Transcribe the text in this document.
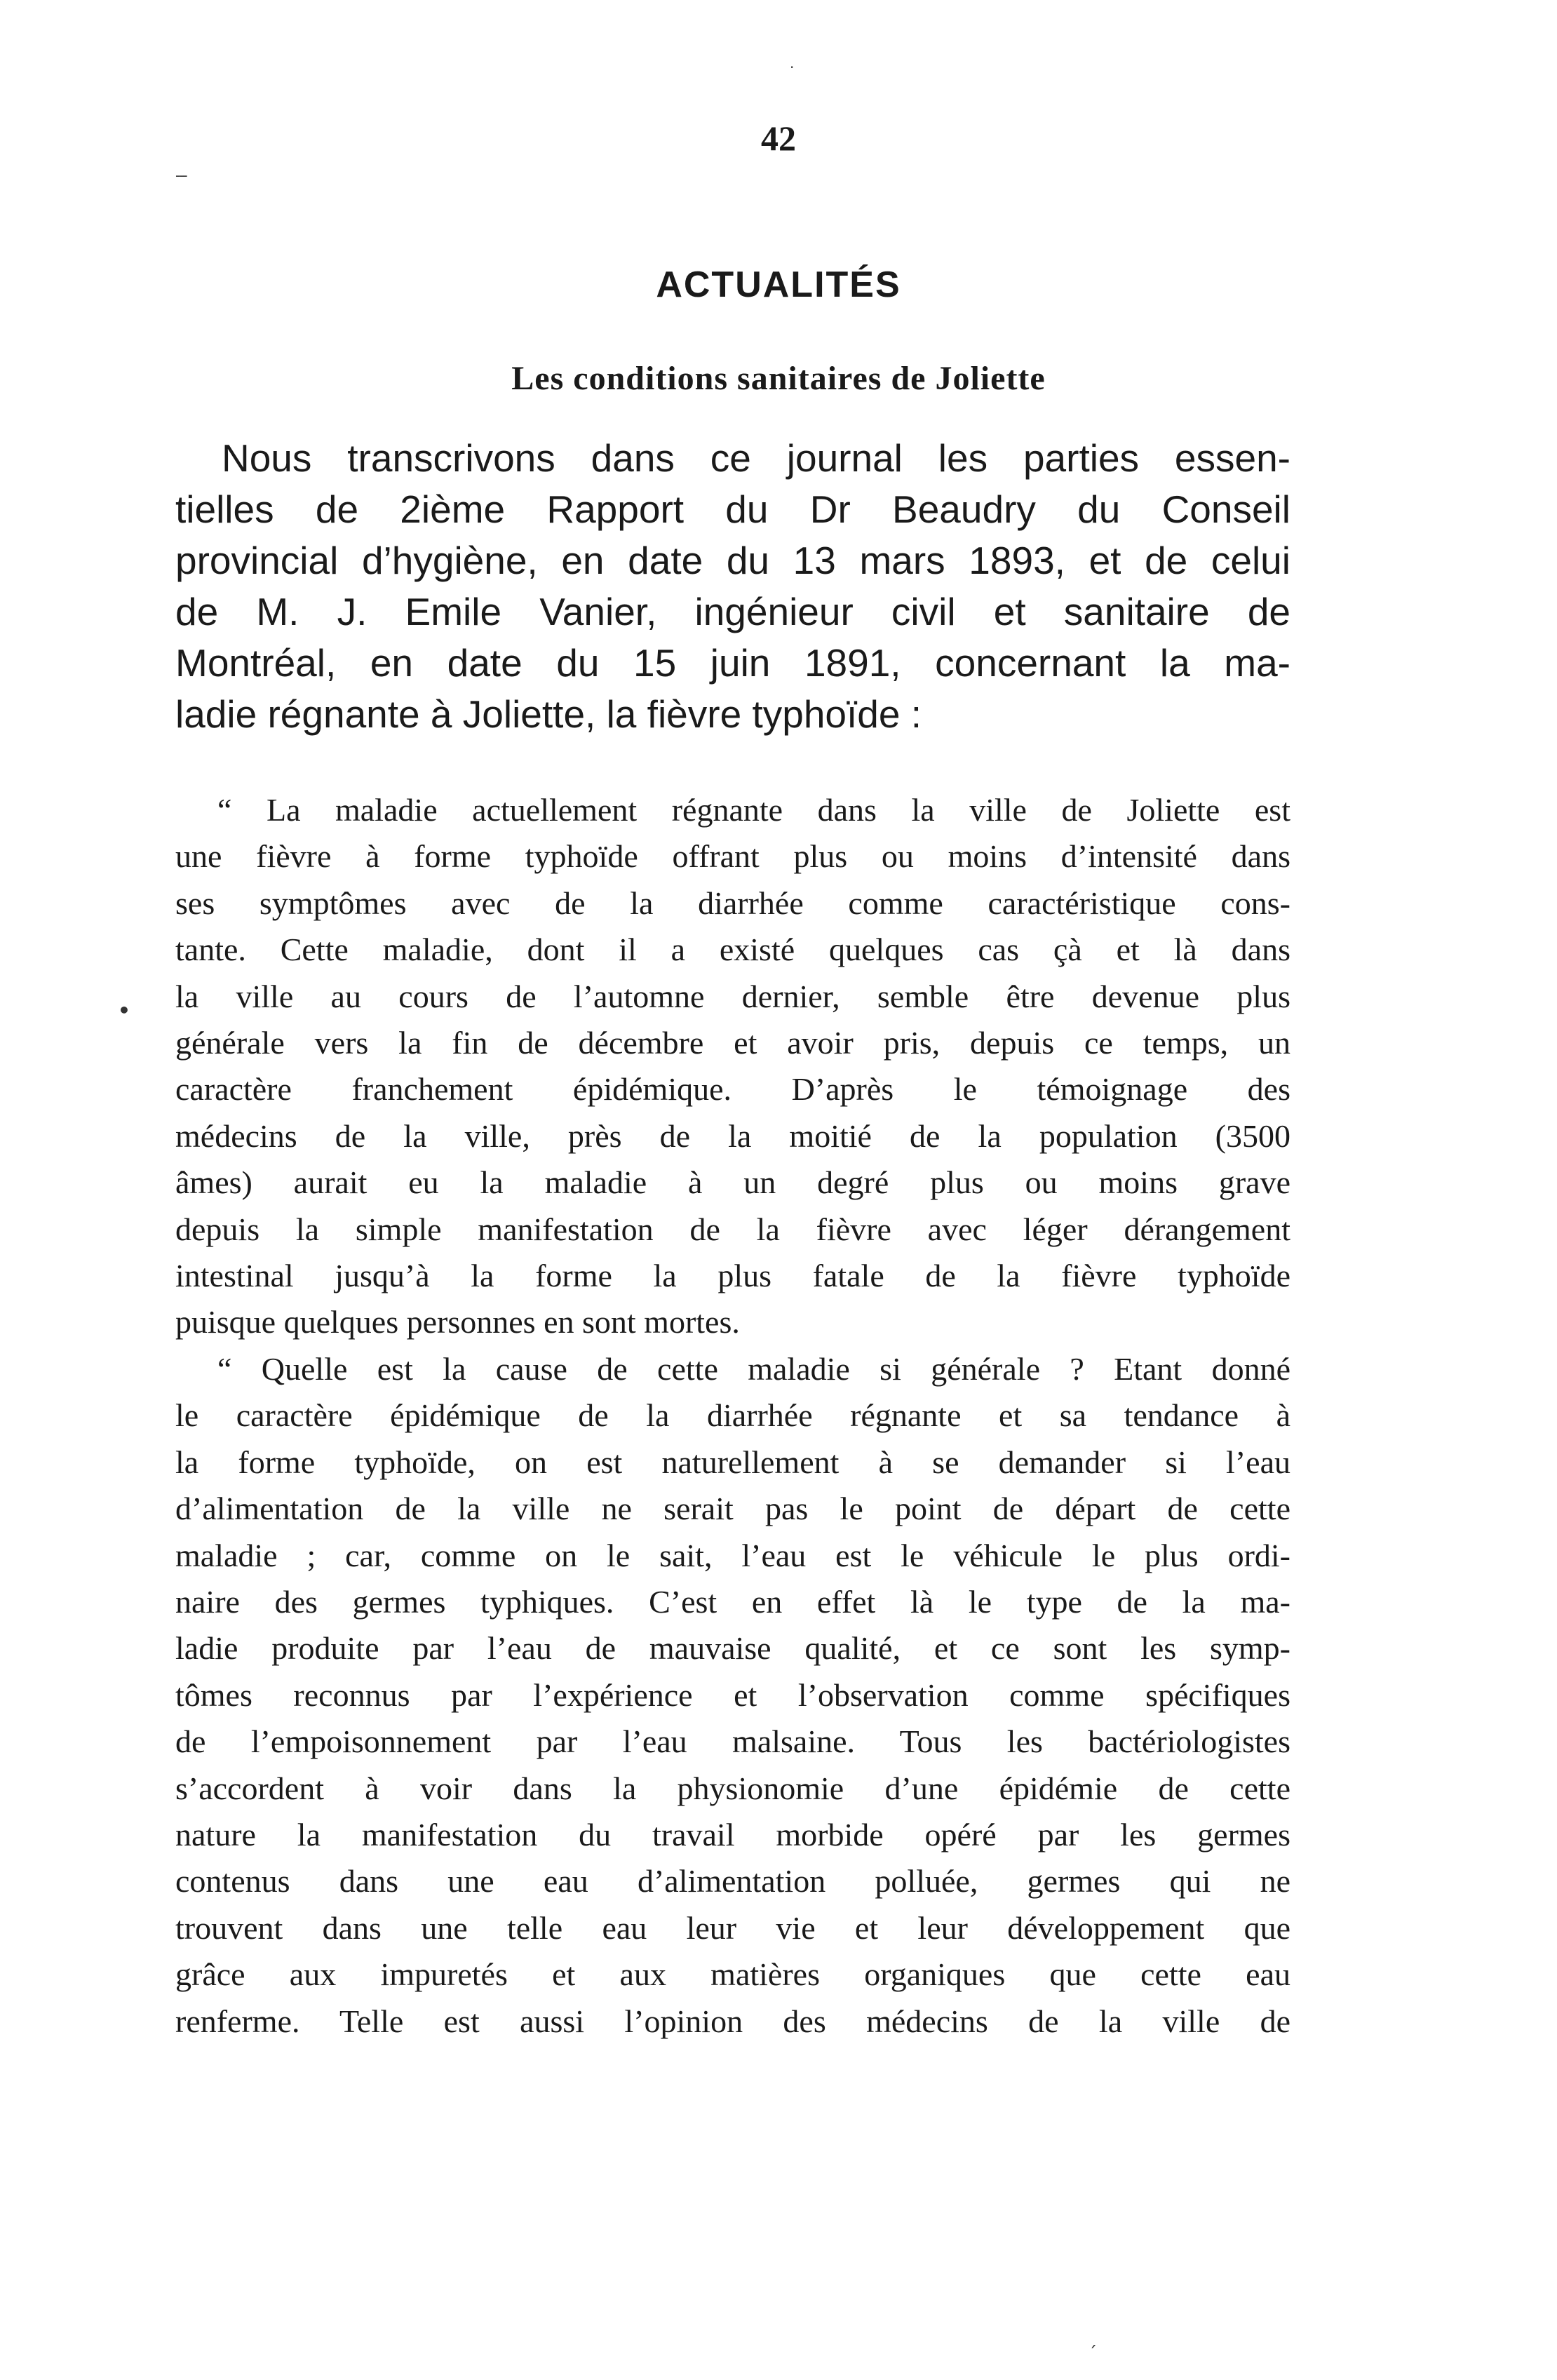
·
-‑-
•
ˏ
42
ACTUALITÉS
Les conditions sanitaires de Joliette
Nous transcrivons dans ce journal les parties essen-
tielles de 2ième Rapport du Dr Beaudry du Conseil
provincial d’hygiène, en date du 13 mars 1893, et de celui
de M. J. Emile Vanier, ingénieur civil et sanitaire de
Montréal, en date du 15 juin 1891, concernant la ma-
ladie régnante à Joliette, la fièvre typhoïde :
“ La maladie actuellement régnante dans la ville de Joliette est
une fièvre à forme typhoïde offrant plus ou moins d’intensité dans
ses symptômes avec de la diarrhée comme caractéristique cons-
tante. Cette maladie, dont il a existé quelques cas çà et là dans
la ville au cours de l’automne dernier, semble être devenue plus
générale vers la fin de décembre et avoir pris, depuis ce temps, un
caractère franchement épidémique. D’après le témoignage des
médecins de la ville, près de la moitié de la population (3500
âmes) aurait eu la maladie à un degré plus ou moins grave
depuis la simple manifestation de la fièvre avec léger dérangement
intestinal jusqu’à la forme la plus fatale de la fièvre typhoïde
puisque quelques personnes en sont mortes.
“ Quelle est la cause de cette maladie si générale ? Etant donné
le caractère épidémique de la diarrhée régnante et sa tendance à
la forme typhoïde, on est naturellement à se demander si l’eau
d’alimentation de la ville ne serait pas le point de départ de cette
maladie ; car, comme on le sait, l’eau est le véhicule le plus ordi-
naire des germes typhiques. C’est en effet là le type de la ma-
ladie produite par l’eau de mauvaise qualité, et ce sont les symp-
tômes reconnus par l’expérience et l’observation comme spécifiques
de l’empoisonnement par l’eau malsaine. Tous les bactériologistes
s’accordent à voir dans la physionomie d’une épidémie de cette
nature la manifestation du travail morbide opéré par les germes
contenus dans une eau d’alimentation polluée, germes qui ne
trouvent dans une telle eau leur vie et leur développement que
grâce aux impuretés et aux matières organiques que cette eau
renferme. Telle est aussi l’opinion des médecins de la ville de
